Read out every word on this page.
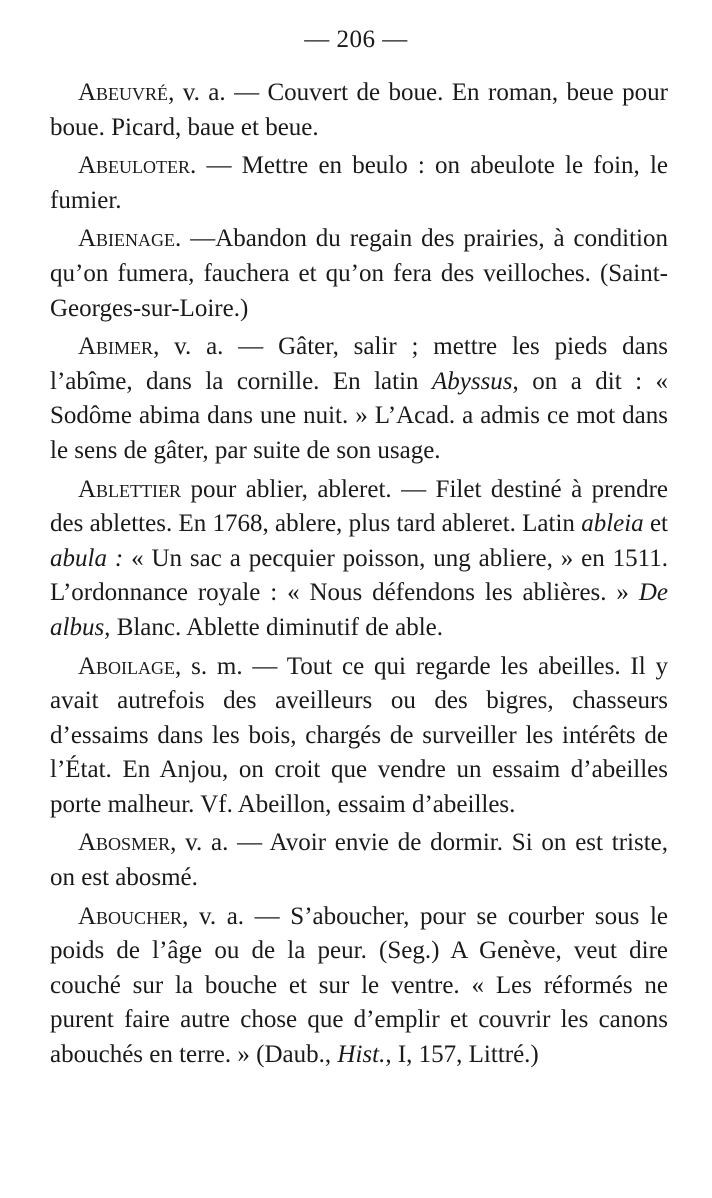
— 206 —

Abeuvré, v. a. — Couvert de boue. En roman, beue pour boue. Picard, baue et beue.

Abeuloter. — Mettre en beulo : on abeulote le foin, le fumier.

Abienage. —Abandon du regain des prairies, à condition qu’on fumera, fauchera et qu’on fera des veilloches. (Saint-Georges-sur-Loire.)

Abimer, v. a. — Gâter, salir ; mettre les pieds dans l’abîme, dans la cornille. En latin Abyssus, on a dit : « Sodôme abima dans une nuit. » L’Acad. a admis ce mot dans le sens de gâter, par suite de son usage.

Ablettier pour ablier, ableret. — Filet destiné à prendre des ablettes. En 1768, ablere, plus tard ableret. Latin ableia et abula : « Un sac a pecquier poisson, ung abliere, » en 1511. L’ordonnance royale : « Nous défendons les ablières. » De albus, Blanc. Ablette diminutif de able.

Aboilage, s. m. — Tout ce qui regarde les abeilles. Il y avait autrefois des aveilleurs ou des bigres, chasseurs d’essaims dans les bois, chargés de surveiller les intérêts de l’État. En Anjou, on croit que vendre un essaim d’abeilles porte malheur. Vf. Abeillon, essaim d’abeilles.

Abosmer, v. a. — Avoir envie de dormir. Si on est triste, on est abosmé.

Aboucher, v. a. — S’aboucher, pour se courber sous le poids de l’âge ou de la peur. (Seg.) A Genève, veut dire couché sur la bouche et sur le ventre. « Les réformés ne purent faire autre chose que d’emplir et couvrir les canons abouchés en terre. » (Daub., Hist., I, 157, Littré.)
